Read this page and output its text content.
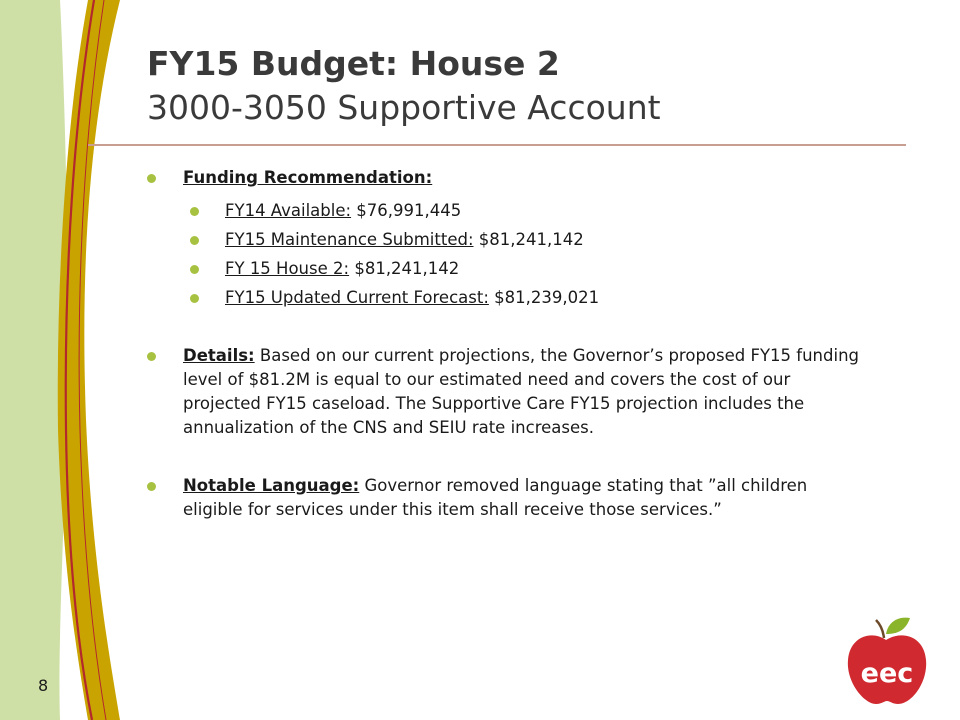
FY15 Budget: House 2
3000-3050 Supportive Account
Funding Recommendation:
FY14 Available: $76,991,445
FY15 Maintenance Submitted: $81,241,142
FY 15 House 2: $81,241,142
FY15 Updated Current Forecast: $81,239,021
Details: Based on our current projections, the Governor’s proposed FY15 funding level of $81.2M is equal to our estimated need and covers the cost of our projected FY15 caseload. The Supportive Care FY15 projection includes the annualization of the CNS and SEIU rate increases.
Notable Language: Governor removed language stating that ”all children eligible for services under this item shall receive those services.”
8	eec
